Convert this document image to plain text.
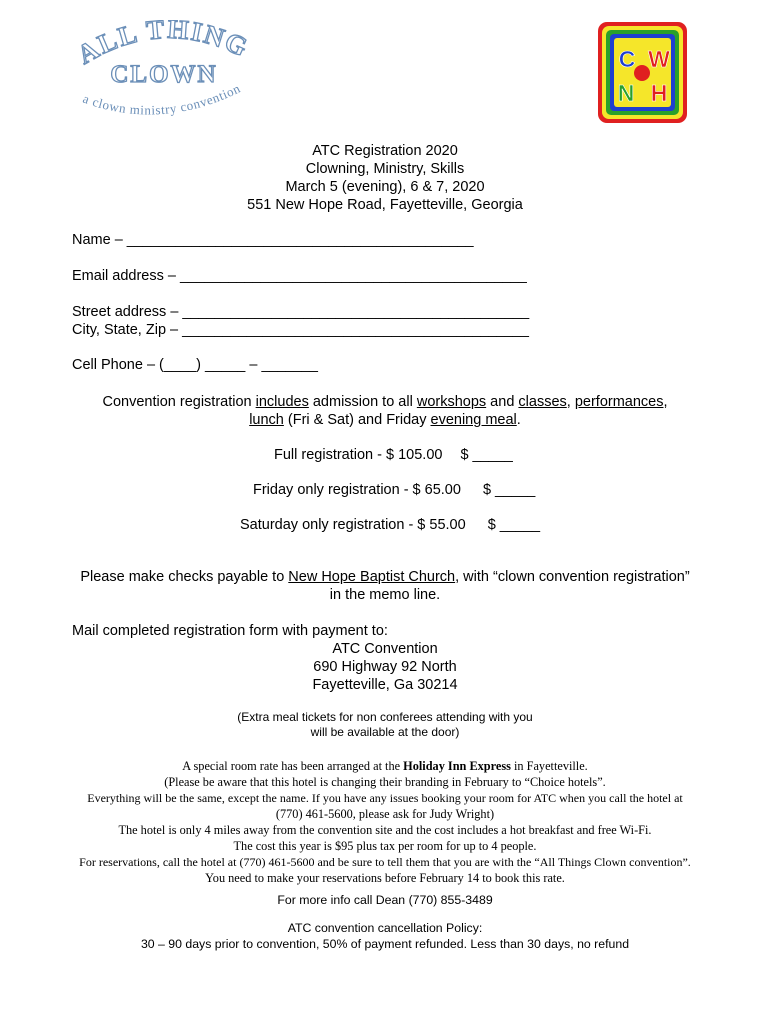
ALL THING
CLOWN
a clown ministry convention
C W
N H
ATC Registration 2020
Clowning, Ministry, Skills
March 5 (evening), 6 & 7, 2020
551 New Hope Road, Fayetteville, Georgia
Name – ___________________________________________
Email address – ___________________________________________
Street address – ___________________________________________
City, State, Zip – ___________________________________________
Cell Phone – (____) _____ – _______
Convention registration includes admission to all workshops and classes, performances,
lunch (Fri & Sat) and Friday evening meal.
Full registration - $ 105.00 $ _____
Friday only registration - $ 65.00 $ _____
Saturday only registration - $ 55.00 $ _____
Please make checks payable to New Hope Baptist Church, with “clown convention registration”
in the memo line.
Mail completed registration form with payment to:
ATC Convention
690 Highway 92 North
Fayetteville, Ga 30214
(Extra meal tickets for non conferees attending with you
will be available at the door)
A special room rate has been arranged at the Holiday Inn Express in Fayetteville.
(Please be aware that this hotel is changing their branding in February to “Choice hotels”.
Everything will be the same, except the name. If you have any issues booking your room for ATC when you call the hotel at
(770) 461-5600, please ask for Judy Wright)
The hotel is only 4 miles away from the convention site and the cost includes a hot breakfast and free Wi-Fi.
The cost this year is $95 plus tax per room for up to 4 people.
For reservations, call the hotel at (770) 461-5600 and be sure to tell them that you are with the “All Things Clown convention”.
You need to make your reservations before February 14 to book this rate.
For more info call Dean (770) 855-3489
ATC convention cancellation Policy:
30 – 90 days prior to convention, 50% of payment refunded. Less than 30 days, no refund
